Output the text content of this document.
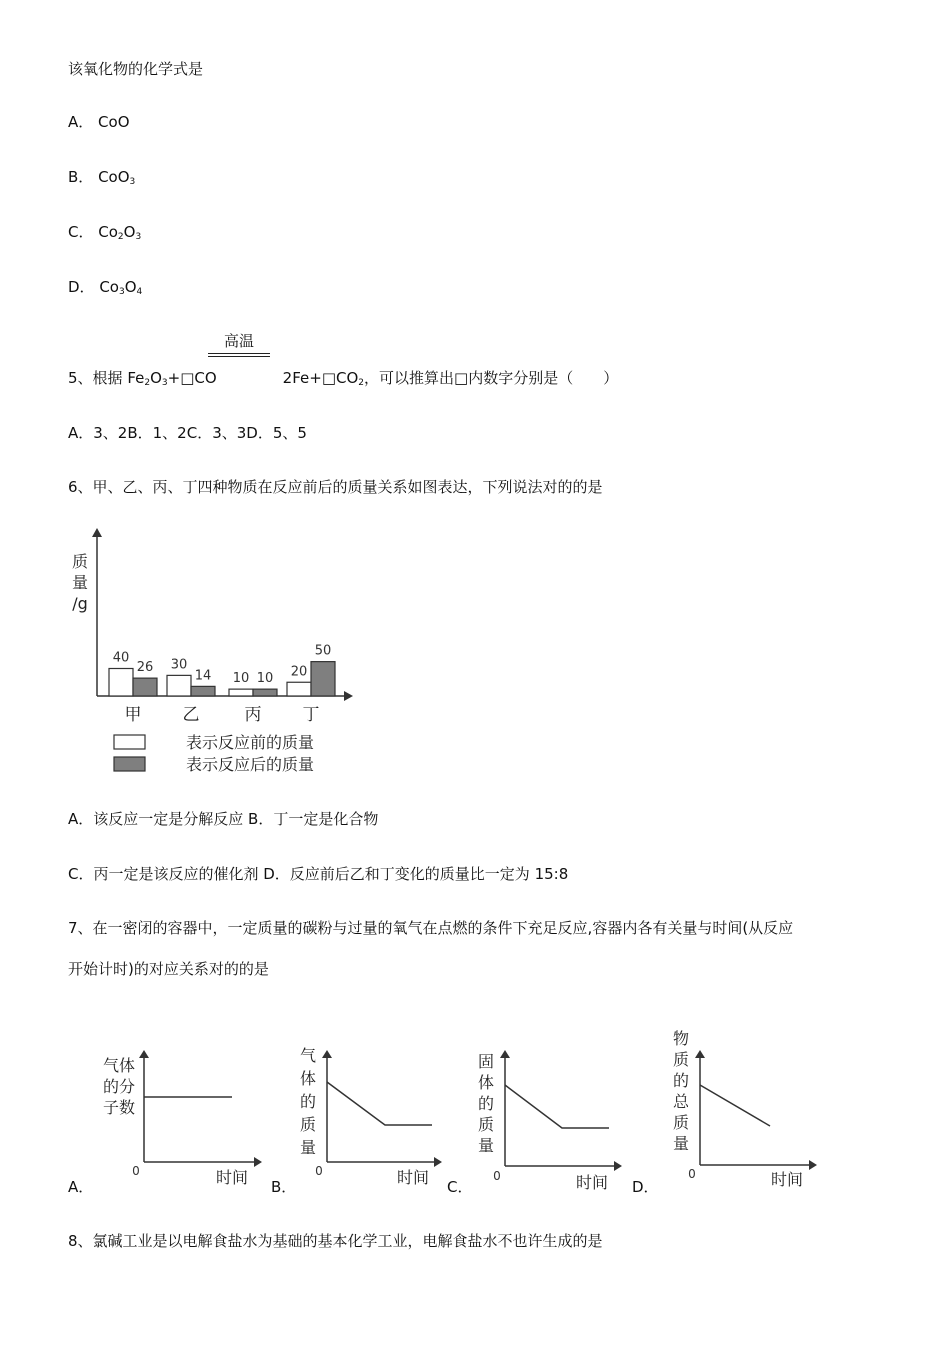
该氧化物的化学式是
A． CoO
B． CoO$_3$
C． $Co_2O_3$
D． $Co_3O_4$
高温
5、根据 $Fe_2O_3+□CO$	$2Fe+□CO_2$，可以推算出□内数字分别是（　　）
A．3、2B．1、2C．3、3D．5、5
6、甲、乙、丙、丁四种物质在反应前后的质量关系如图表达，下列说法对的的是
质
量
/g
40
26
甲
30
14
乙
10 10
丙
20
50
丁
表示反应前的质量
表示反应后的质量
A．该反应一定是分解反应 B．丁一定是化合物
C．丙一定是该反应的催化剂 D．反应前后乙和丁变化的质量比一定为 15:8
7、在一密闭的容器中，一定质量的碳粉与过量的氧气在点燃的条件下充足反应,容器内各有关量与时间(从反应
开始计时)的对应关系对的的是
A．
气体
的分
子数
时间
0
B．
气
体
的
质
量
时间
0
C．
固
体
的
质
量
时间
0
D．
物
质
的
总
质
量
时间
0
8、氯碱工业是以电解食盐水为基础的基本化学工业，电解食盐水不也许生成的是
